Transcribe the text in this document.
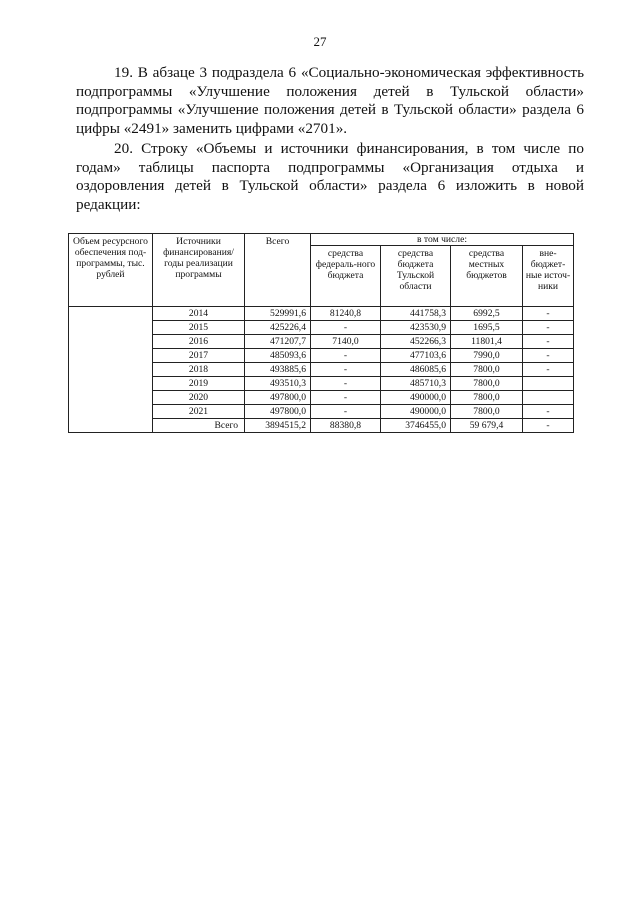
27

19. В абзаце 3 подраздела 6 «Социально-экономическая эффективность подпрограммы «Улучшение положения детей в Тульской области» подпрограммы «Улучшение положения детей в Тульской области» раздела 6 цифры «2491» заменить цифрами «2701».

20. Строку «Объемы и источники финансирования, в том числе по годам» таблицы паспорта подпрограммы «Организация отдыха и оздоровления детей в Тульской области» раздела 6 изложить в новой редакции:

Объем ресурсного обеспечения под-программы, тыс. рублей	Источники финансирования/ годы реализации программы	Всего	в том числе:			
			средства федераль-ного бюджета	средства бюджета Тульской области	средства местных бюджетов	вне-бюджет-ные источ-ники
	2014	529991,6	81240,8	441758,3	6992,5	-
	2015	425226,4	-	423530,9	1695,5	-
	2016	471207,7	7140,0	452266,3	11801,4	-
	2017	485093,6	-	477103,6	7990,0	-
	2018	493885,6	-	486085,6	7800,0	-
	2019	493510,3	-	485710,3	7800,0	
	2020	497800,0	-	490000,0	7800,0	
	2021	497800,0	-	490000,0	7800,0	-
	Всего	3894515,2	88380,8	3746455,0	59 679,4	-
